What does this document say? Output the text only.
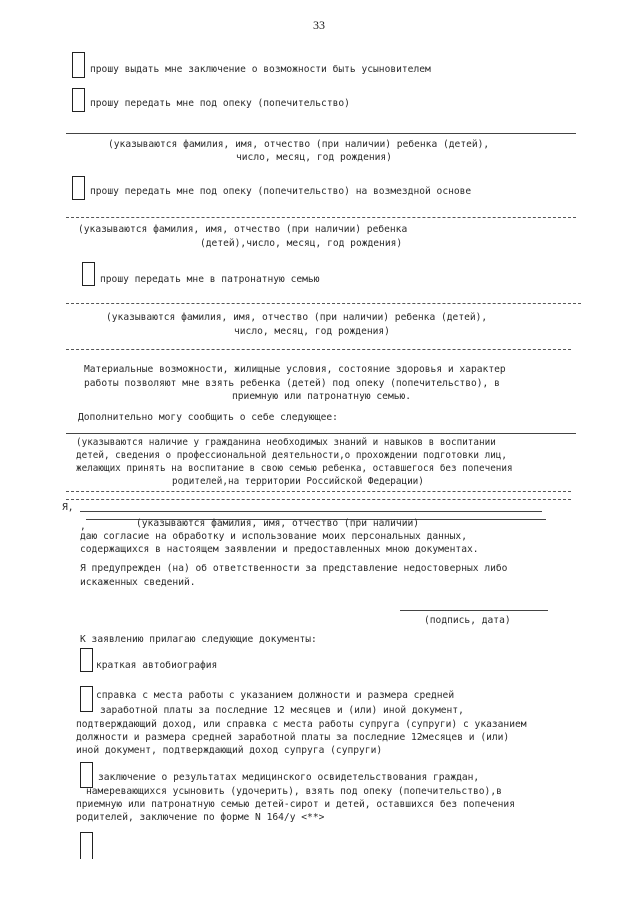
33
прошу выдать мне заключение о возможности быть усыновителем
прошу передать мне под опеку (попечительство)
(указываются фамилия, имя, отчество (при наличии) ребенка (детей),
число, месяц, год рождения)
прошу передать мне под опеку (попечительство) на возмездной основе
(указываются фамилия, имя, отчество (при наличии) ребенка
(детей),число, месяц, год рождения)
прошу передать мне в патронатную семью
(указываются фамилия, имя, отчество (при наличии) ребенка (детей),
число, месяц, год рождения)
Материальные возможности, жилищные условия, состояние здоровья и характер
работы позволяют мне взять ребенка (детей) под опеку (попечительство), в
приемную или патронатную семью.
Дополнительно могу сообщить о себе следующее:
(указываются наличие у гражданина необходимых знаний и навыков в воспитании
детей, сведения о профессиональной деятельности,о прохождении подготовки лиц,
желающих принять на воспитание в свою семью ребенка, оставшегося без попечения
родителей,на территории Российской Федерации)
Я,
,	(указываются фамилия, имя, отчество (при наличии)
даю согласие на обработку и использование моих персональных данных,
содержащихся в настоящем заявлении и предоставленных мною документах.
Я предупрежден (на) об ответственности за представление недостоверных либо
искаженных сведений.
(подпись, дата)
К заявлению прилагаю следующие документы:
краткая автобиография
справка с места работы с указанием должности и размера средней
заработной платы за последние 12 месяцев и (или) иной документ,
подтверждающий доход, или справка с места работы супруга (супруги) с указанием
должности и размера средней заработной платы за последние 12месяцев и (или)
иной документ, подтверждающий доход супруга (супруги)
заключение о результатах медицинского освидетельствования граждан,
намеревающихся усыновить (удочерить), взять под опеку (попечительство),в
приемную или патронатную семью детей-сирот и детей, оставшихся без попечения
родителей, заключение по форме N 164/у <**>
